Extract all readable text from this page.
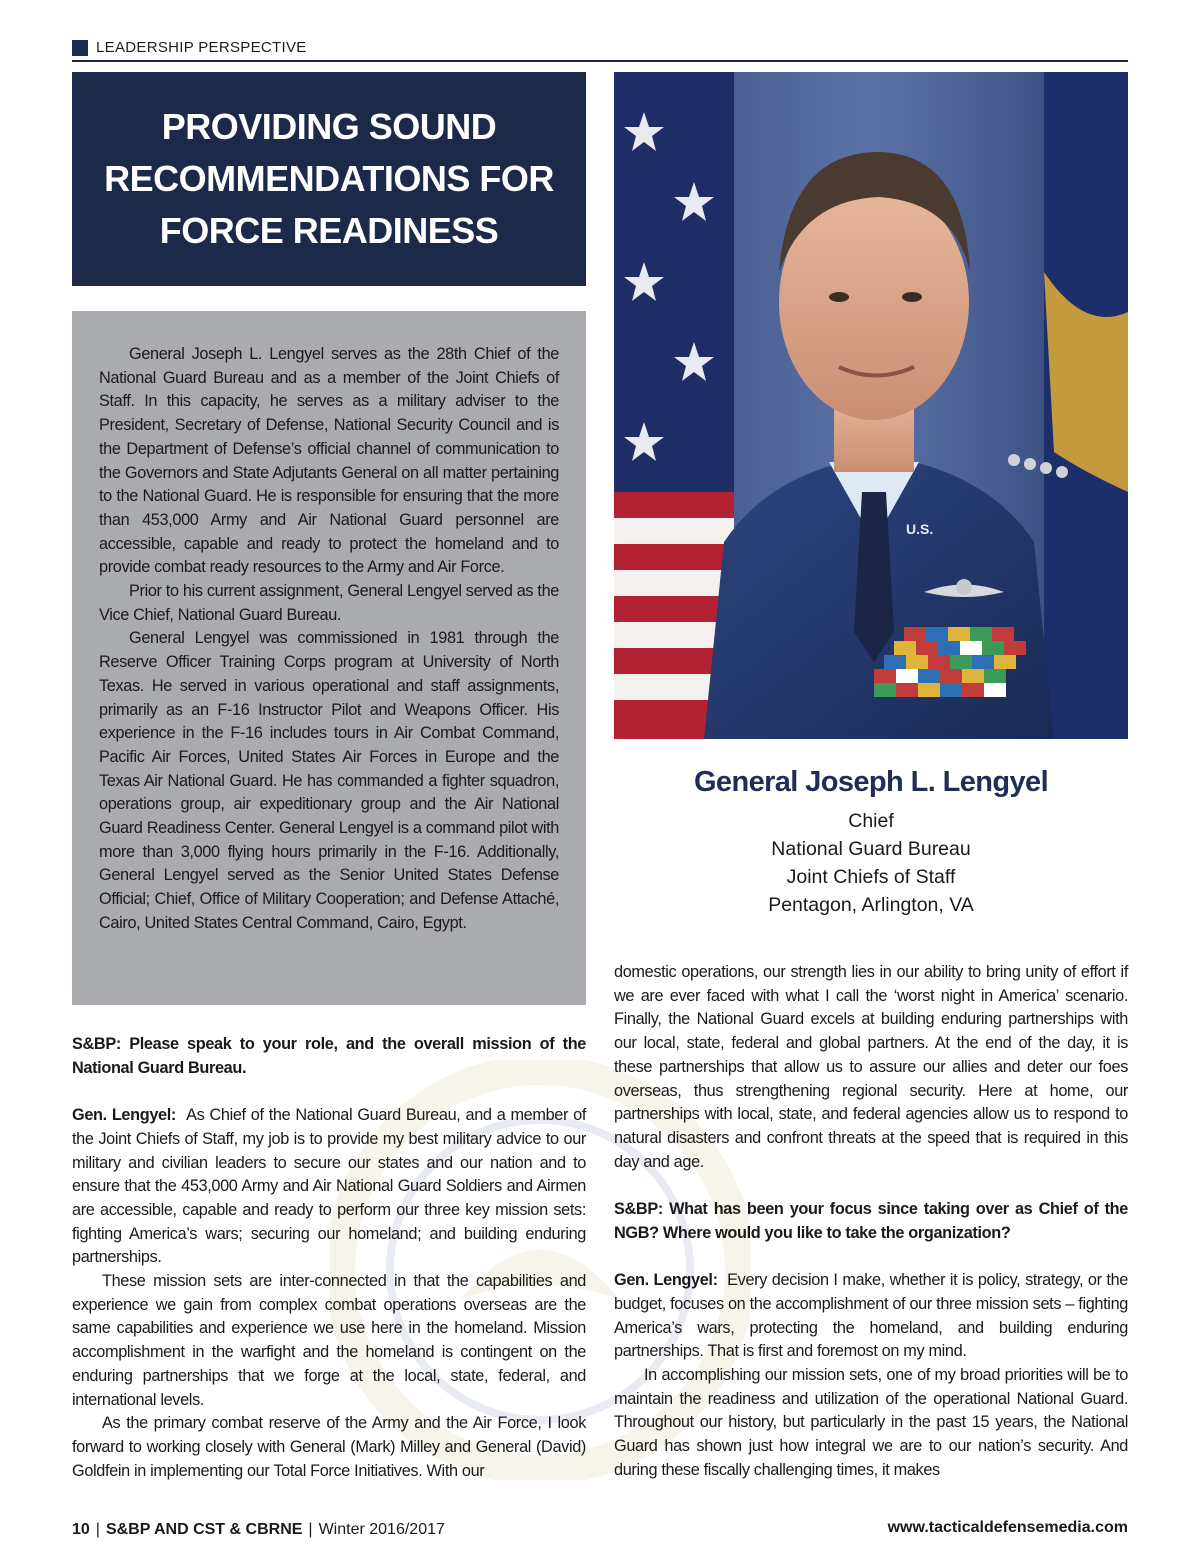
LEADERSHIP PERSPECTIVE
PROVIDING SOUND
RECOMMENDATIONS FOR
FORCE READINESS

General Joseph L. Lengyel serves as the 28th Chief of the National Guard Bureau and as a member of the Joint Chiefs of Staff. In this capacity, he serves as a military adviser to the President, Secretary of Defense, National Security Council and is the Department of Defense’s official channel of communication to the Governors and State Adjutants General on all matter pertaining to the National Guard. He is responsible for ensuring that the more than 453,000 Army and Air National Guard personnel are accessible, capable and ready to protect the homeland and to provide combat ready resources to the Army and Air Force.

Prior to his current assignment, General Lengyel served as the Vice Chief, National Guard Bureau.

General Lengyel was commissioned in 1981 through the Reserve Officer Training Corps program at University of North Texas. He served in various operational and staff assignments, primarily as an F-16 Instructor Pilot and Weapons Officer. His experience in the F-16 includes tours in Air Combat Command, Pacific Air Forces, United States Air Forces in Europe and the Texas Air National Guard. He has commanded a fighter squadron, operations group, air expeditionary group and the Air National Guard Readiness Center. General Lengyel is a command pilot with more than 3,000 flying hours primarily in the F-16. Additionally, General Lengyel served as the Senior United States Defense Official; Chief, Office of Military Cooperation; and Defense Attaché, Cairo, United States Central Command, Cairo, Egypt.

U.S.
General Joseph L. Lengyel
Chief
National Guard Bureau
Joint Chiefs of Staff
Pentagon, Arlington, VA

S&BP: Please speak to your role, and the overall mission of the National Guard Bureau.

Gen. Lengyel: As Chief of the National Guard Bureau, and a member of the Joint Chiefs of Staff, my job is to provide my best military advice to our military and civilian leaders to secure our states and our nation and to ensure that the 453,000 Army and Air National Guard Soldiers and Airmen are accessible, capable and ready to perform our three key mission sets: fighting America’s wars; securing our homeland; and building enduring partnerships.

These mission sets are inter-connected in that the capabilities and experience we gain from complex combat operations overseas are the same capabilities and experience we use here in the homeland. Mission accomplishment in the warfight and the homeland is contingent on the enduring partnerships that we forge at the local, state, federal, and international levels.

As the primary combat reserve of the Army and the Air Force, I look forward to working closely with General (Mark) Milley and General (David) Goldfein in implementing our Total Force Initiatives. With our

domestic operations, our strength lies in our ability to bring unity of effort if we are ever faced with what I call the ‘worst night in America’ scenario. Finally, the National Guard excels at building enduring partnerships with our local, state, federal and global partners. At the end of the day, it is these partnerships that allow us to assure our allies and deter our foes overseas, thus strengthening regional security. Here at home, our partnerships with local, state, and federal agencies allow us to respond to natural disasters and confront threats at the speed that is required in this day and age.

S&BP: What has been your focus since taking over as Chief of the NGB? Where would you like to take the organization?

Gen. Lengyel: Every decision I make, whether it is policy, strategy, or the budget, focuses on the accomplishment of our three mission sets – fighting America’s wars, protecting the homeland, and building enduring partnerships. That is first and foremost on my mind.

In accomplishing our mission sets, one of my broad priorities will be to maintain the readiness and utilization of the operational National Guard. Throughout our history, but particularly in the past 15 years, the National Guard has shown just how integral we are to our nation’s security. And during these fiscally challenging times, it makes

10 | S&BP AND CST & CBRNE | Winter 2016/2017	www.tacticaldefensemedia.com
